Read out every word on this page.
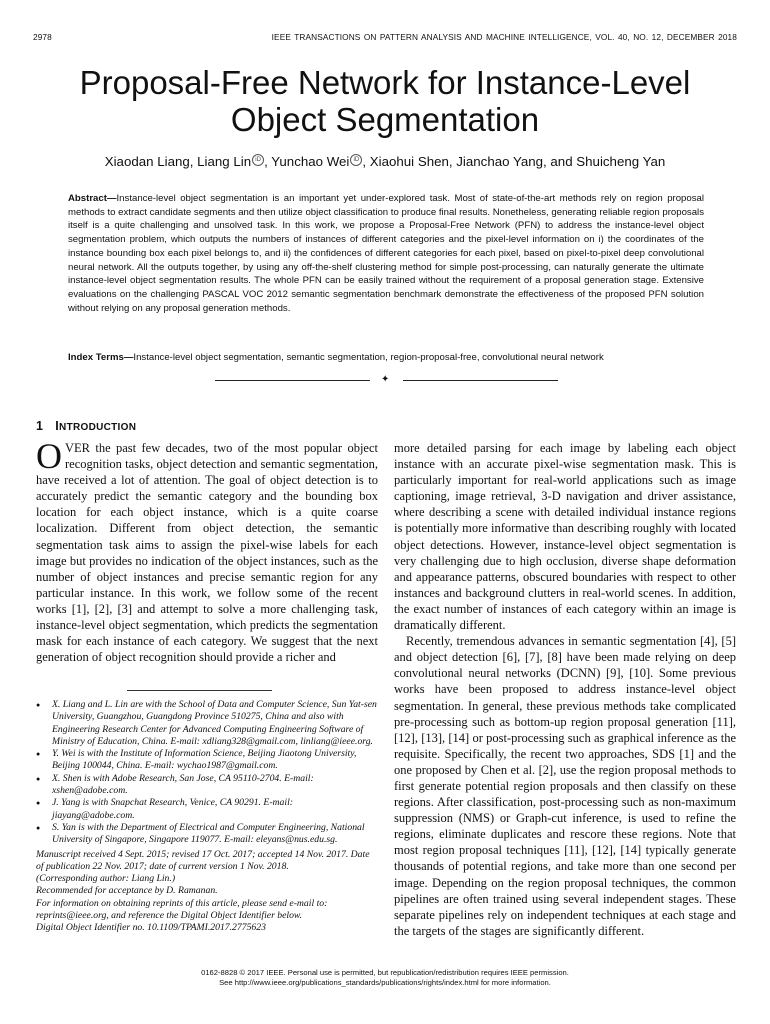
2978	IEEE TRANSACTIONS ON PATTERN ANALYSIS AND MACHINE INTELLIGENCE, VOL. 40, NO. 12, DECEMBER 2018
Proposal-Free Network for Instance-Level
Object Segmentation
Xiaodan Liang, Liang Lin iD , Yunchao Wei iD , Xiaohui Shen, Jianchao Yang, and Shuicheng Yan
Abstract—Instance-level object segmentation is an important yet under-explored task. Most of state-of-the-art methods rely on region proposal methods to extract candidate segments and then utilize object classification to produce final results. Nonetheless, generating reliable region proposals itself is a quite challenging and unsolved task. In this work, we propose a Proposal-Free Network (PFN) to address the instance-level object segmentation problem, which outputs the numbers of instances of different categories and the pixel-level information on i) the coordinates of the instance bounding box each pixel belongs to, and ii) the confidences of different categories for each pixel, based on pixel-to-pixel deep convolutional neural network. All the outputs together, by using any off-the-shelf clustering method for simple post-processing, can naturally generate the ultimate instance-level object segmentation results. The whole PFN can be easily trained without the requirement of a proposal generation stage. Extensive evaluations on the challenging PASCAL VOC 2012 semantic segmentation benchmark demonstrate the effectiveness of the proposed PFN solution without relying on any proposal generation methods.
Index Terms—Instance-level object segmentation, semantic segmentation, region-proposal-free, convolutional neural network
✦
1 INTRODUCTION

OVER the past few decades, two of the most popular object recognition tasks, object detection and semantic segmentation, have received a lot of attention. The goal of object detection is to accurately predict the semantic category and the bounding box location for each object instance, which is a quite coarse localization. Different from object detection, the semantic segmentation task aims to assign the pixel-wise labels for each image but provides no indication of the object instances, such as the number of object instances and precise semantic region for any particular instance. In this work, we follow some of the recent works [1], [2], [3] and attempt to solve a more challenging task, instance-level object segmentation, which predicts the segmentation mask for each instance of each category. We suggest that the next generation of object recognition should provide a richer and

● X. Liang and L. Lin are with the School of Data and Computer Science, Sun Yat-sen University, Guangzhou, Guangdong Province 510275, China and also with Engineering Research Center for Advanced Computing Engineering Software of Ministry of Education, China. E-mail: xdliang328@gmail.com, linliang@ieee.org.
● Y. Wei is with the Institute of Information Science, Beijing Jiaotong University, Beijing 100044, China. E-mail: wychao1987@gmail.com.
● X. Shen is with Adobe Research, San Jose, CA 95110-2704. E-mail: xshen@adobe.com.
● J. Yang is with Snapchat Research, Venice, CA 90291. E-mail: jiayang@adobe.com.
● S. Yan is with the Department of Electrical and Computer Engineering, National University of Singapore, Singapore 119077. E-mail: eleyans@nus.edu.sg.
Manuscript received 4 Sept. 2015; revised 17 Oct. 2017; accepted 14 Nov. 2017. Date of publication 22 Nov. 2017; date of current version 1 Nov. 2018.
(Corresponding author: Liang Lin.)
Recommended for acceptance by D. Ramanan.
For information on obtaining reprints of this article, please send e-mail to: reprints@ieee.org, and reference the Digital Object Identifier below.
Digital Object Identifier no. 10.1109/TPAMI.2017.2775623

more detailed parsing for each image by labeling each object instance with an accurate pixel-wise segmentation mask. This is particularly important for real-world applications such as image captioning, image retrieval, 3-D navigation and driver assistance, where describing a scene with detailed individual instance regions is potentially more informative than describing roughly with located object detections. However, instance-level object segmentation is very challenging due to high occlusion, diverse shape deformation and appearance patterns, obscured boundaries with respect to other instances and background clutters in real-world scenes. In addition, the exact number of instances of each category within an image is dramatically different.

Recently, tremendous advances in semantic segmentation [4], [5] and object detection [6], [7], [8] have been made relying on deep convolutional neural networks (DCNN) [9], [10]. Some previous works have been proposed to address instance-level object segmentation. In general, these previous methods take complicated pre-processing such as bottom-up region proposal generation [11], [12], [13], [14] or post-processing such as graphical inference as the requisite. Specifically, the recent two approaches, SDS [1] and the one proposed by Chen et al. [2], use the region proposal methods to first generate potential region proposals and then classify on these regions. After classification, post-processing such as non-maximum suppression (NMS) or Graph-cut inference, is used to refine the regions, eliminate duplicates and rescore these regions. Note that most region proposal techniques [11], [12], [14] typically generate thousands of potential regions, and take more than one second per image. Depending on the region proposal techniques, the common pipelines are often trained using several independent stages. These separate pipelines rely on independent techniques at each stage and the targets of the stages are significantly different.

0162-8828 © 2017 IEEE. Personal use is permitted, but republication/redistribution requires IEEE permission.
See http://www.ieee.org/publications_standards/publications/rights/index.html for more information.
